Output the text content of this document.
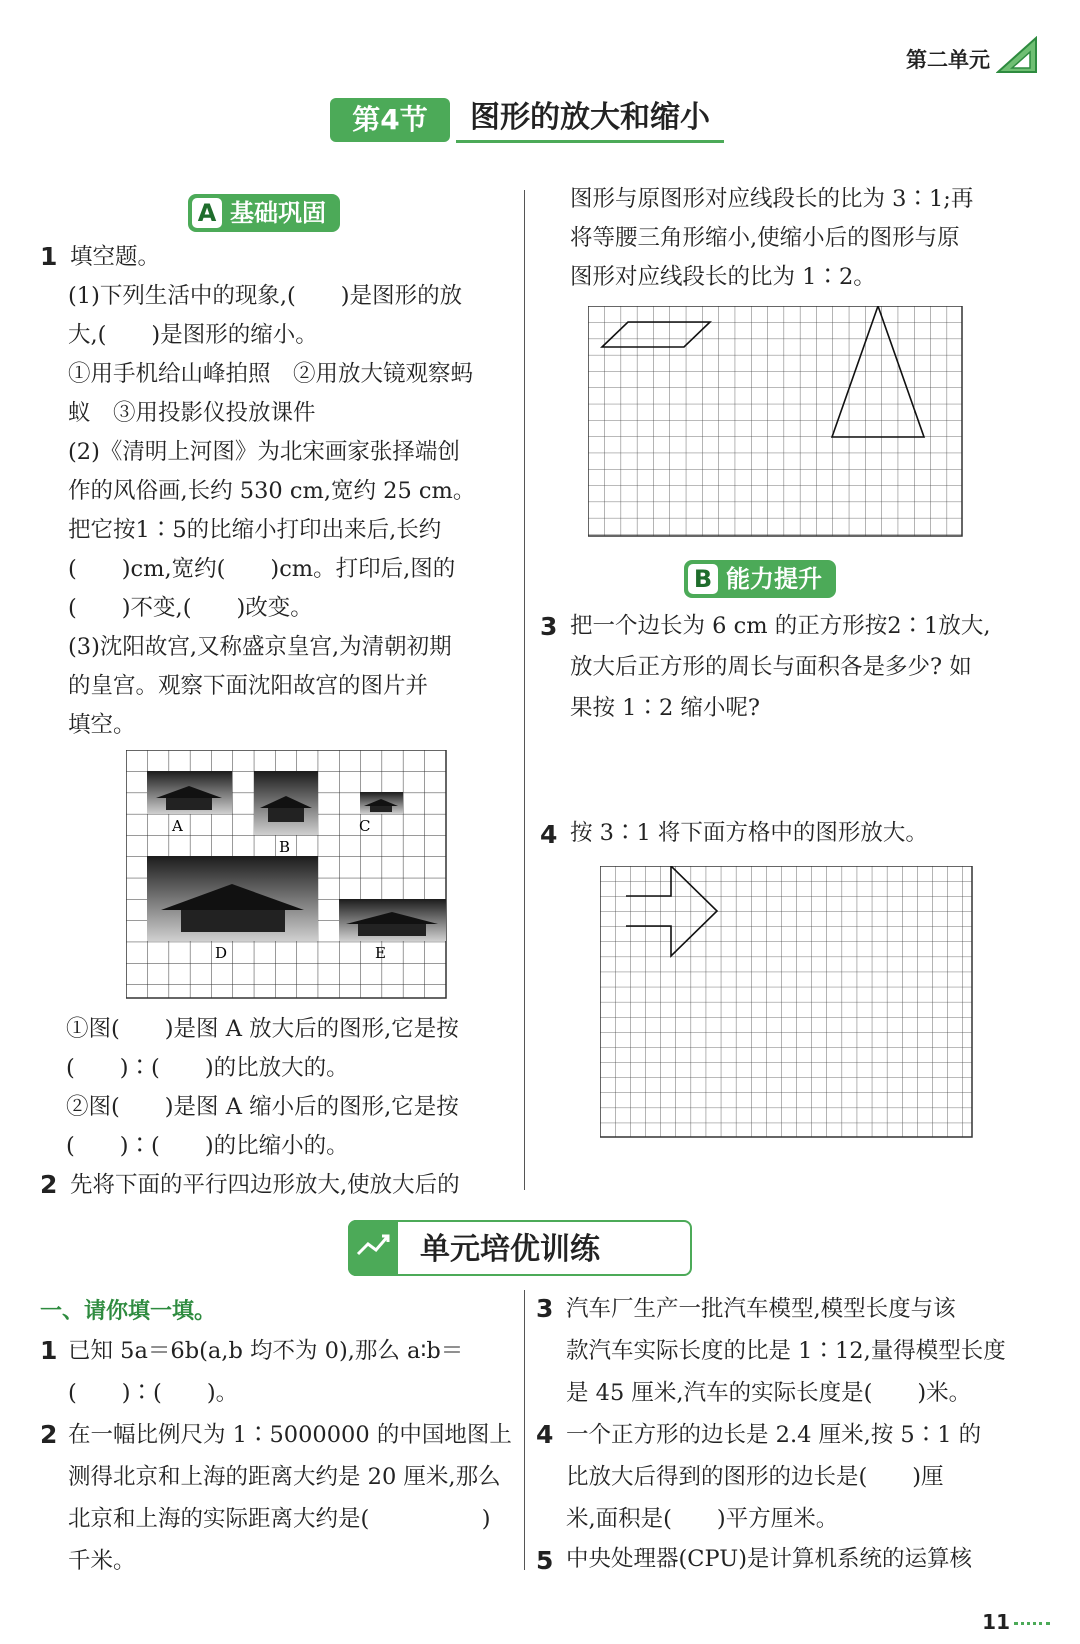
第二单元
第4节	图形的放大和缩小
A 基础巩固
1 填空题。
(1)下列生活中的现象,(　　)是图形的放
大,(　　)是图形的缩小。
①用手机给山峰拍照　②用放大镜观察蚂
蚁　③用投影仪投放课件
(2)《清明上河图》为北宋画家张择端创
作的风俗画,长约 530 cm,宽约 25 cm。
把它按1∶5的比缩小打印出来后,长约
(　　)cm,宽约(　　)cm。打印后,图的
(　　)不变,(　　)改变。
(3)沈阳故宫,又称盛京皇宫,为清朝初期
的皇宫。观察下面沈阳故宫的图片并
填空。
A
B
C
D	E
①图(　　)是图 A 放大后的图形,它是按
(　　)∶(　　)的比放大的。
②图(　　)是图 A 缩小后的图形,它是按
(　　)∶(　　)的比缩小的。
2 先将下面的平行四边形放大,使放大后的
图形与原图形对应线段长的比为 3∶1;再
将等腰三角形缩小,使缩小后的图形与原
图形对应线段长的比为 1∶2。
B 能力提升
3 把一个边长为 6 cm 的正方形按2∶1放大,
放大后正方形的周长与面积各是多少? 如
果按 1∶2 缩小呢?
4 按 3∶1 将下面方格中的图形放大。
单元培优训练
一、请你填一填。
1 已知 5a＝6b(a,b 均不为 0),那么 a∶b＝
(　　)∶(　　)。
2 在一幅比例尺为 1∶5000000 的中国地图上
测得北京和上海的距离大约是 20 厘米,那么
北京和上海的实际距离大约是(　　　　　)
千米。
3 汽车厂生产一批汽车模型,模型长度与该
款汽车实际长度的比是 1∶12,量得模型长度
是 45 厘米,汽车的实际长度是(　　)米。
4 一个正方形的边长是 2.4 厘米,按 5∶1 的
比放大后得到的图形的边长是(　　)厘
米,面积是(　　)平方厘米。
5 中央处理器(CPU)是计算机系统的运算核
11
